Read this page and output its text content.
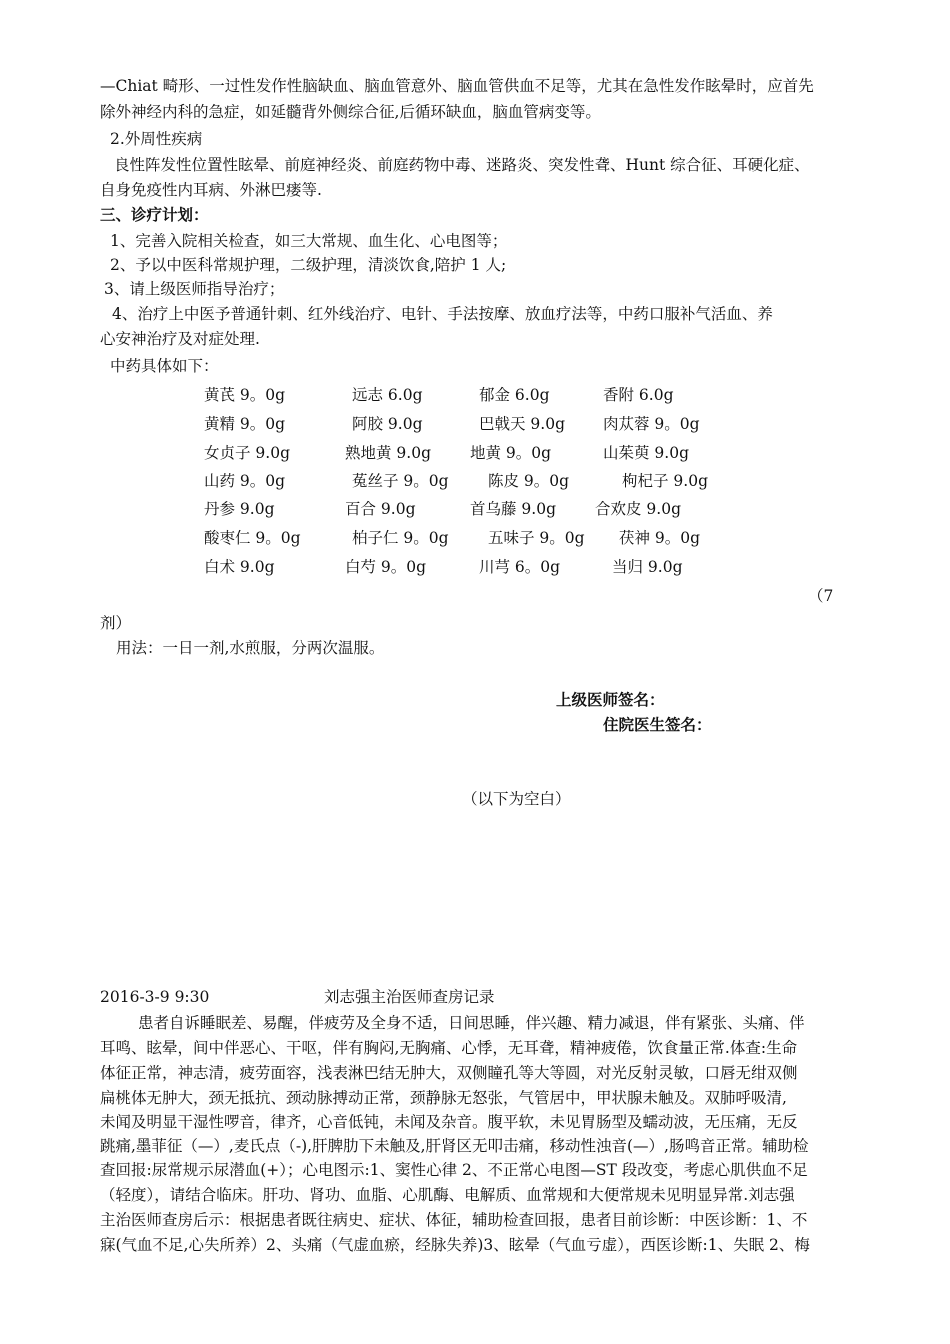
—Chiat 畸形、一过性发作性脑缺血、脑血管意外、脑血管供血不足等，尤其在急性发作眩晕时，应首先
除外神经内科的急症，如延髓背外侧综合征,后循环缺血，脑血管病变等。
2.外周性疾病
良性阵发性位置性眩晕、前庭神经炎、前庭药物中毒、迷路炎、突发性聋、Hunt 综合征、耳硬化症、
自身免疫性内耳病、外淋巴瘘等.
三、诊疗计划：
1、完善入院相关检查，如三大常规、血生化、心电图等；
2、予以中医科常规护理，二级护理，清淡饮食,陪护 1 人;
3、请上级医师指导治疗；
4、治疗上中医予普通针刺、红外线治疗、电针、手法按摩、放血疗法等，中药口服补气活血、养
心安神治疗及对症处理.
中药具体如下：
黄芪 9。0g	远志 6.0g	郁金 6.0g	香附 6.0g
黄精 9。0g	阿胶 9.0g	巴戟天 9.0g 肉苁蓉 9。0g
女贞子 9.0g	熟地黄 9.0g	地黄 9。0g	山茱萸 9.0g
山药 9。0g	菟丝子 9。0g	陈皮 9。0g	枸杞子 9.0g
丹参 9.0g	百合 9.0g	首乌藤 9.0g	合欢皮 9.0g
酸枣仁 9。0g	柏子仁 9。0g	五味子 9。0g 茯神 9。0g
白术 9.0g	白芍 9。0g	川芎 6。0g	当归 9.0g
（7
剂）
用法：一日一剂,水煎服，分两次温服。
上级医师签名：
住院医生签名：
（以下为空白）
2016-3-9 9:30	刘志强主治医师查房记录
患者自诉睡眠差、易醒，伴疲劳及全身不适，日间思睡，伴兴趣、精力减退，伴有紧张、头痛、伴
耳鸣、眩晕，间中伴恶心、干呕，伴有胸闷,无胸痛、心悸，无耳聋，精神疲倦，饮食量正常.体查:生命
体征正常，神志清，疲劳面容，浅表淋巴结无肿大，双侧瞳孔等大等圆，对光反射灵敏，口唇无绀双侧
扁桃体无肿大，颈无抵抗、颈动脉搏动正常，颈静脉无怒张，气管居中，甲状腺未触及。双肺呼吸清,
未闻及明显干湿性啰音，律齐，心音低钝，未闻及杂音。腹平软，未见胃肠型及蠕动波，无压痛，无反
跳痛,墨菲征（—）,麦氏点（-),肝脾肋下未触及,肝肾区无叩击痛，移动性浊音(—）,肠鸣音正常。辅助检
查回报:尿常规示尿潜血(+）；心电图示:1、窦性心律 2、不正常心电图—ST 段改变，考虑心肌供血不足
（轻度），请结合临床。肝功、肾功、血脂、心肌酶、电解质、血常规和大便常规未见明显异常.刘志强
主治医师查房后示：根据患者既往病史、症状、体征，辅助检查回报，患者目前诊断：中医诊断：1、不
寐(气血不足,心失所养）2、头痛（气虚血瘀，经脉失养)3、眩晕（气血亏虚），西医诊断:1、失眠 2、梅
